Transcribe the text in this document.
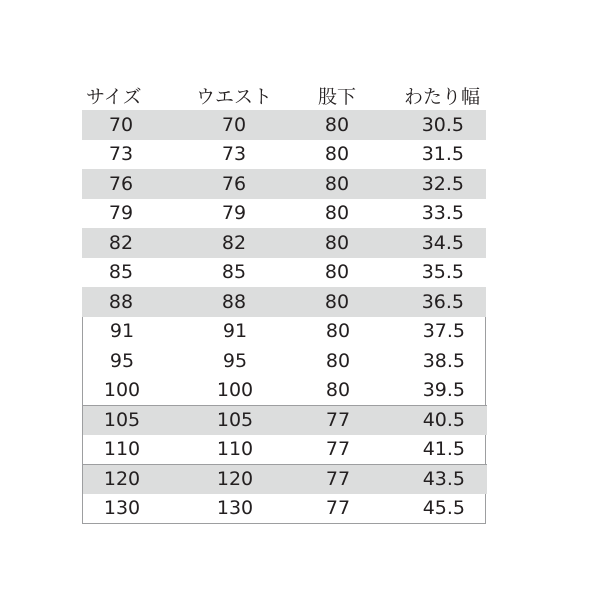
サイズ	ウエスト	股下	わたり幅
70	70	80	30.5
73	73	80	31.5
76	76	80	32.5
79	79	80	33.5
82	82	80	34.5
85	85	80	35.5
88	88	80	36.5
91	91	80	37.5
95	95	80	38.5
100	100	80	39.5
105	105	77	40.5
110	110	77	41.5
120	120	77	43.5
130	130	77	45.5
